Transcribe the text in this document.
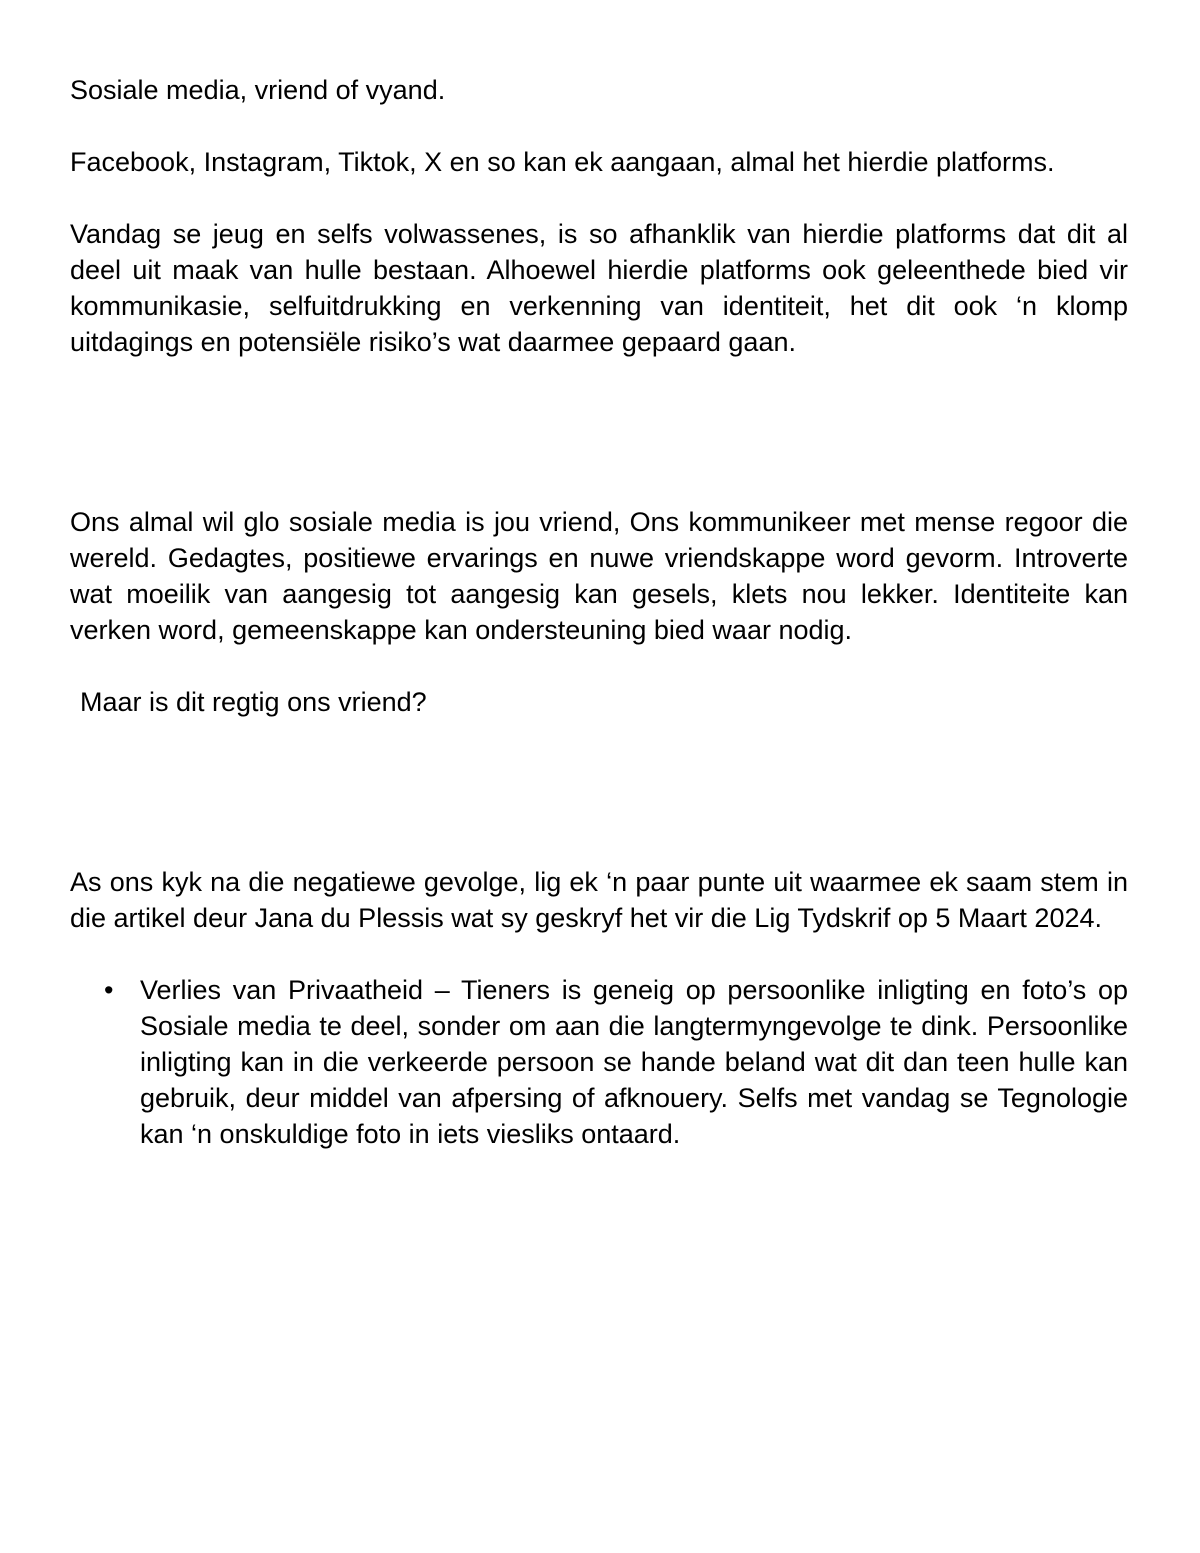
Sosiale media, vriend of vyand.

Facebook, Instagram, Tiktok, X en so kan ek aangaan, almal het hierdie platforms.

Vandag se jeug en selfs volwassenes, is so afhanklik van hierdie platforms dat dit al deel uit maak van hulle bestaan. Alhoewel hierdie platforms ook geleenthede bied vir kommunikasie, selfuitdrukking en verkenning van identiteit, het dit ook ‘n klomp uitdagings en potensiële risiko’s wat daarmee gepaard gaan.

Ons almal wil glo sosiale media is jou vriend, Ons kommunikeer met mense regoor die wereld. Gedagtes, positiewe ervarings en nuwe vriendskappe word gevorm. Introverte wat moeilik van aangesig tot aangesig kan gesels, klets nou lekker. Identiteite kan verken word, gemeenskappe kan ondersteuning bied waar nodig.

Maar is dit regtig ons vriend?

As ons kyk na die negatiewe gevolge, lig ek ‘n paar punte uit waarmee ek saam stem in die artikel deur Jana du Plessis wat sy geskryf het vir die Lig Tydskrif op 5 Maart 2024.

• Verlies van Privaatheid – Tieners is geneig op persoonlike inligting en foto’s op Sosiale media te deel, sonder om aan die langtermyngevolge te dink. Persoonlike inligting kan in die verkeerde persoon se hande beland wat dit dan teen hulle kan gebruik, deur middel van afpersing of afknouery. Selfs met vandag se Tegnologie kan ‘n onskuldige foto in iets viesliks ontaard.
